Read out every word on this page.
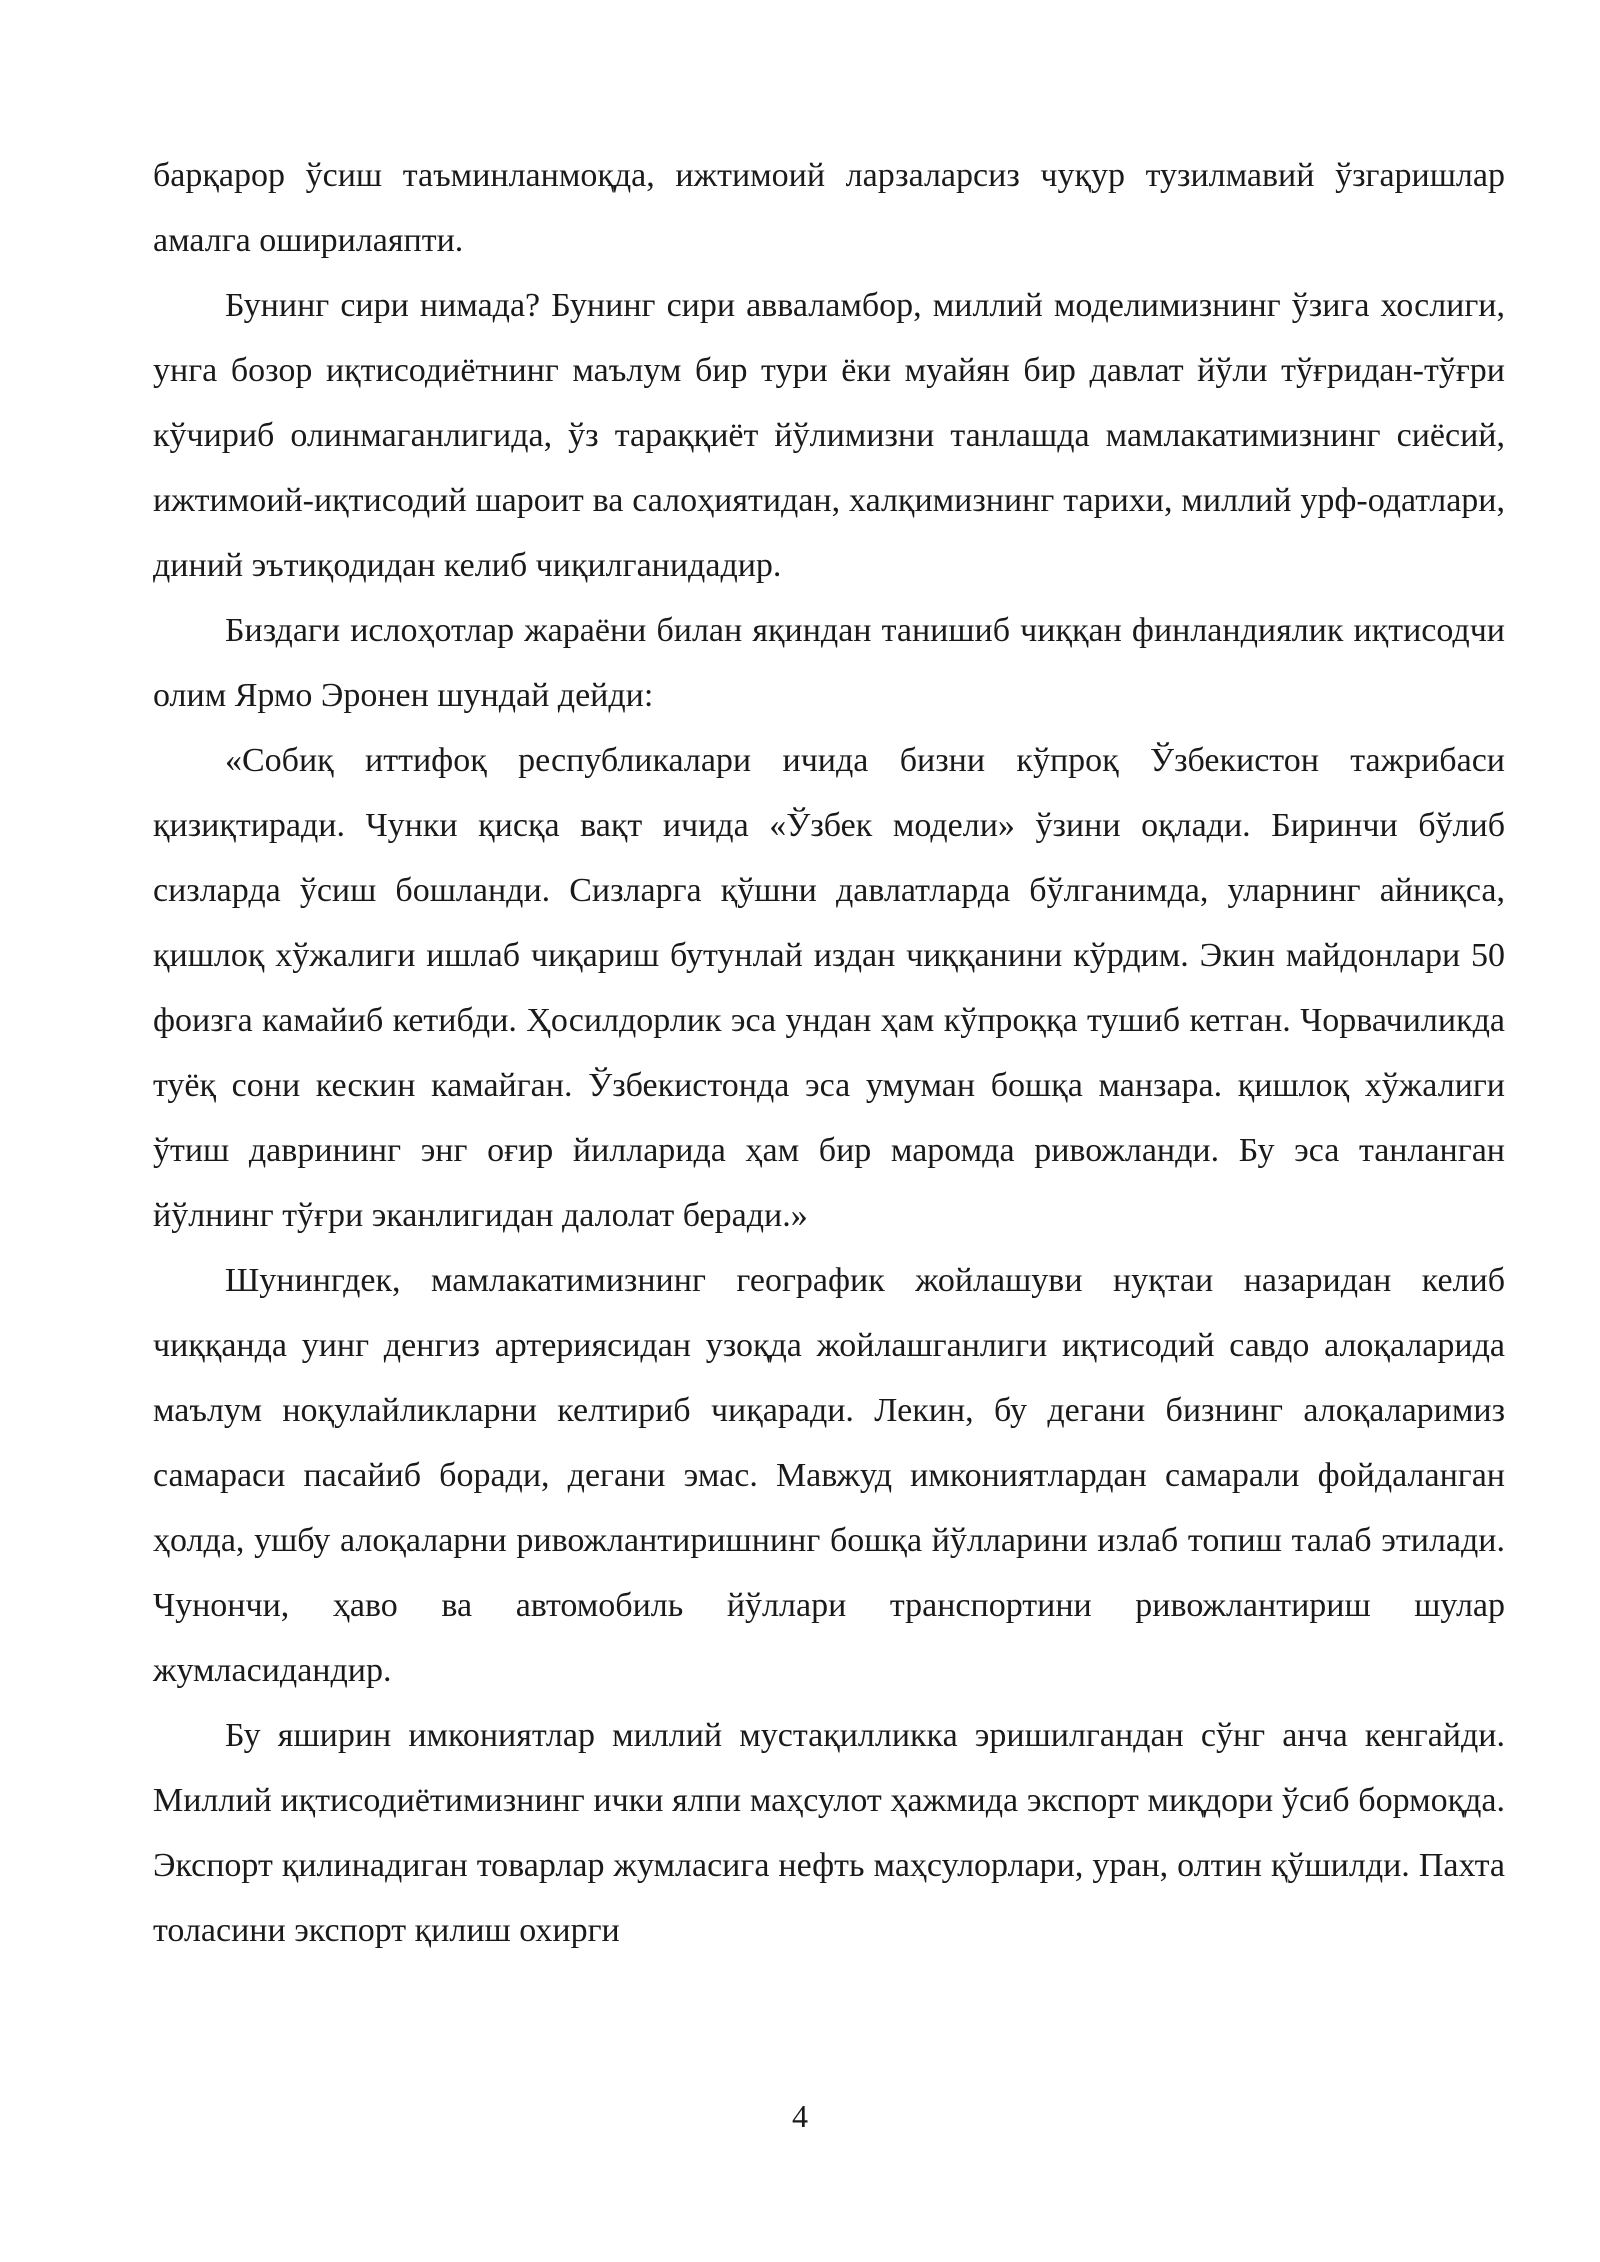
барқарор ўсиш таъминланмоқда, ижтимоий ларзаларсиз чуқур тузилмавий ўзгаришлар амалга оширилаяпти.

Бунинг сири нимада? Бунинг сири авваламбор, миллий моделимизнинг ўзига хослиги, унга бозор иқтисодиётнинг маълум бир тури ёки муайян бир давлат йўли тўғридан-тўғри кўчириб олинмаганлигида, ўз тараққиёт йўлимизни танлашда мамлакатимизнинг сиёсий, ижтимоий-иқтисодий шароит ва салоҳиятидан, халқимизнинг тарихи, миллий урф-одатлари, диний эътиқодидан келиб чиқилганидадир.

Биздаги ислоҳотлар жараёни билан яқиндан танишиб чиққан финландиялик иқтисодчи олим Ярмо Эронен шундай дейди:

«Собиқ иттифоқ республикалари ичида бизни кўпроқ Ўзбекистон тажрибаси қизиқтиради. Чунки қисқа вақт ичида «Ўзбек модели» ўзини оқлади. Биринчи бўлиб сизларда ўсиш бошланди. Сизларга қўшни давлатларда бўлганимда, уларнинг айниқса, қишлоқ хўжалиги ишлаб чиқариш бутунлай издан чиққанини кўрдим. Экин майдонлари 50 фоизга камайиб кетибди. Ҳосилдорлик эса ундан ҳам кўпроққа тушиб кетган. Чорвачиликда туёқ сони кескин камайган. Ўзбекистонда эса умуман бошқа манзара. қишлоқ хўжалиги ўтиш даврининг энг оғир йилларида ҳам бир маромда ривожланди. Бу эса танланган йўлнинг тўғри эканлигидан далолат беради.»

Шунингдек, мамлакатимизнинг географик жойлашуви нуқтаи назаридан келиб чиққанда уинг денгиз артериясидан узоқда жойлашганлиги иқтисодий савдо алоқаларида маълум ноқулайликларни келтириб чиқаради. Лекин, бу дегани бизнинг алоқаларимиз самараси пасайиб боради, дегани эмас. Мавжуд имкониятлардан самарали фойдаланган ҳолда, ушбу алоқаларни ривожлантиришнинг бошқа йўлларини излаб топиш талаб этилади. Чунончи, ҳаво ва автомобиль йўллари транспортини ривожлантириш шулар жумласидандир.

Бу яширин имкониятлар миллий мустақилликка эришилгандан сўнг анча кенгайди. Миллий иқтисодиётимизнинг ички ялпи маҳсулот ҳажмида экспорт миқдори ўсиб бормоқда. Экспорт қилинадиган товарлар жумласига нефть маҳсулорлари, уран, олтин қўшилди. Пахта толасини экспорт қилиш охирги

4
